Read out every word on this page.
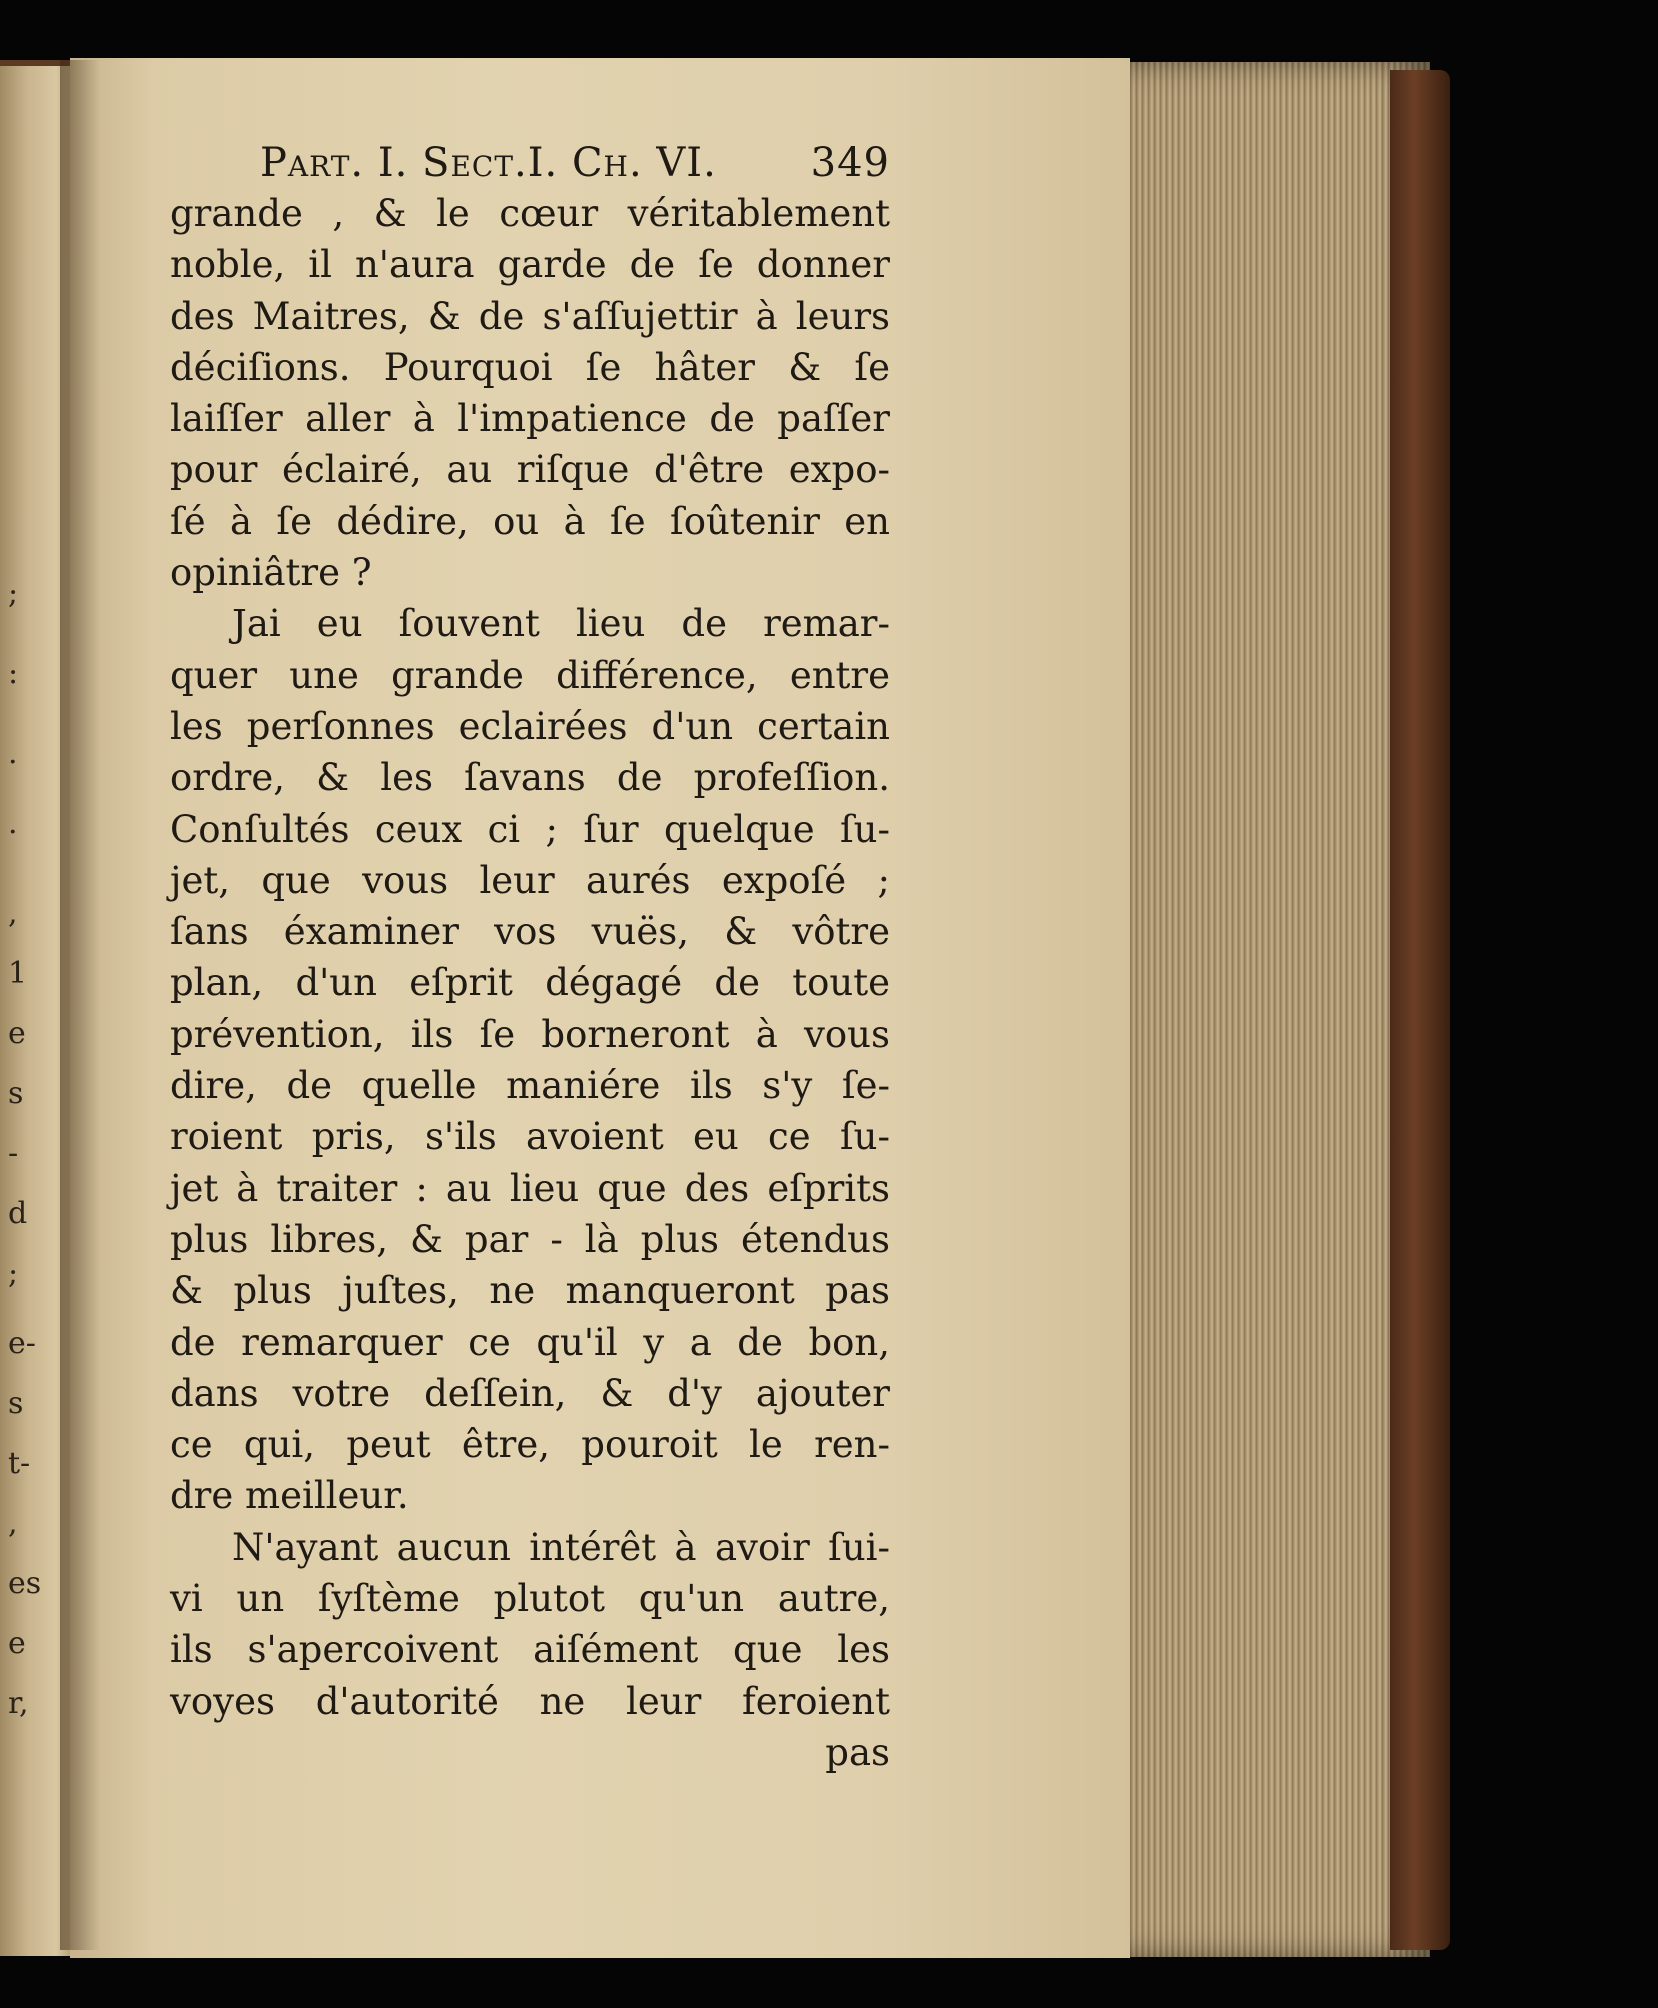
;
:
.
.
,
1
e
s
-
d
;
e-
s
t-
,
es
e
r,
Part. I. Sect.I. Ch. VI. 349
grande , & le cœur véritablement
noble, il n'aura garde de ſe donner
des Maitres, & de s'aſſujettir à leurs
déciſions. Pourquoi ſe hâter & ſe
laiſſer aller à l'impatience de paſſer
pour éclairé, au riſque d'être expo-
ſé à ſe dédire, ou à ſe ſoûtenir en
opiniâtre ?
Jai eu ſouvent lieu de remar-
quer une grande différence, entre
les perſonnes eclairées d'un certain
ordre, & les ſavans de profeſſion.
Conſultés ceux ci ; ſur quelque ſu-
jet, que vous leur aurés expoſé ;
ſans éxaminer vos vuës, & vôtre
plan, d'un eſprit dégagé de toute
prévention, ils ſe borneront à vous
dire, de quelle maniére ils s'y ſe-
roient pris, s'ils avoient eu ce ſu-
jet à traiter : au lieu que des eſprits
plus libres, & par - là plus étendus
& plus juſtes, ne manqueront pas
de remarquer ce qu'il y a de bon,
dans votre deſſein, & d'y ajouter
ce qui, peut être, pouroit le ren-
dre meilleur.
N'ayant aucun intérêt à avoir ſui-
vi un ſyſtème plutot qu'un autre,
ils s'apercoivent aiſément que les
voyes d'autorité ne leur feroient
pas
